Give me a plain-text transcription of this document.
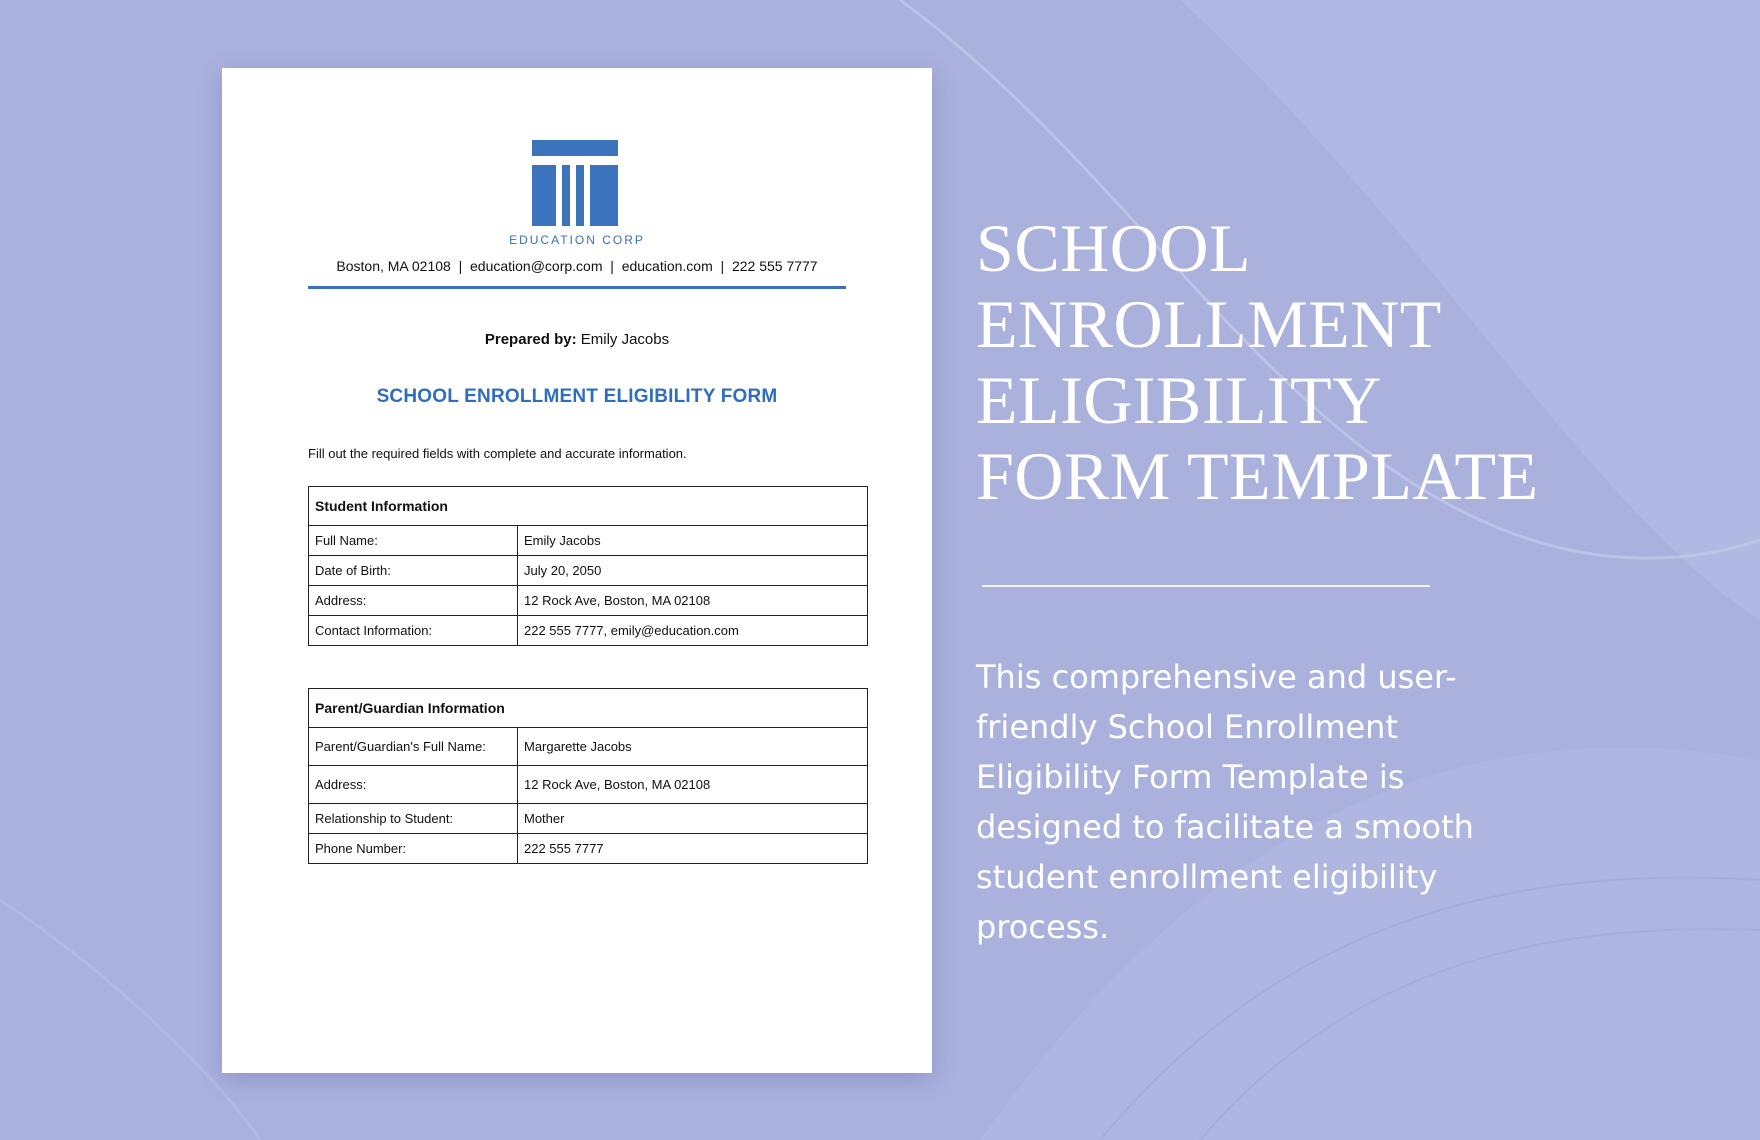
EDUCATION CORP
Boston, MA 02108  |  education@corp.com  |  education.com  |  222 555 7777
Prepared by: Emily Jacobs
SCHOOL ENROLLMENT ELIGIBILITY FORM
Fill out the required fields with complete and accurate information.
Student Information	
Full Name:	Emily Jacobs
Date of Birth:	July 20, 2050
Address:	12 Rock Ave, Boston, MA 02108
Contact Information:	222 555 7777, emily@education.com
Parent/Guardian Information	
Parent/Guardian's Full Name:	Margarette Jacobs
Address:	12 Rock Ave, Boston, MA 02108
Relationship to Student:	Mother
Phone Number:	222 555 7777
SCHOOL
ENROLLMENT
ELIGIBILITY
FORM TEMPLATE

This comprehensive and user-friendly School Enrollment Eligibility Form Template is designed to facilitate a smooth student enrollment eligibility process.
